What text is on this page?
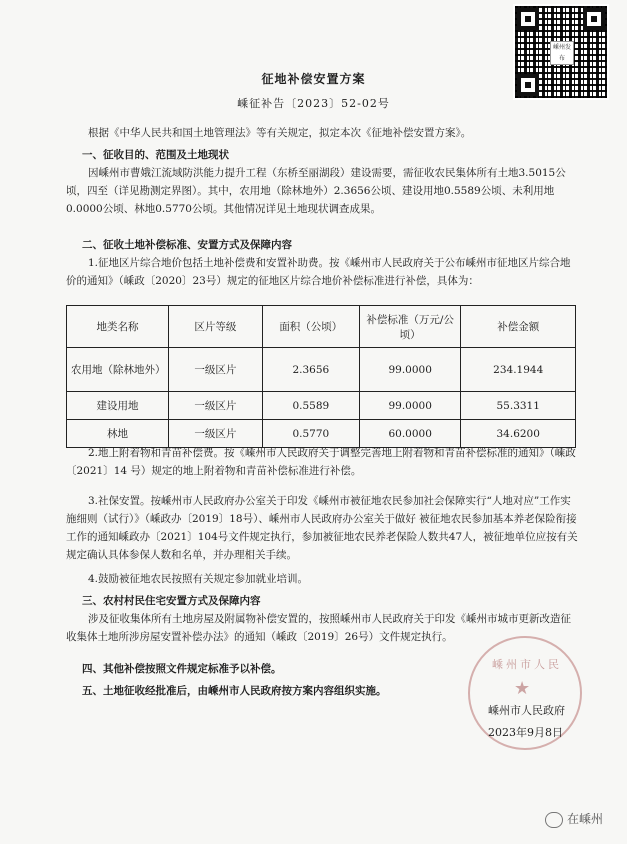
嵊州发布
征地补偿安置方案
嵊征补告〔2023〕52-02号
根据《中华人民共和国土地管理法》等有关规定，拟定本次《征地补偿安置方案》。
一、征收目的、范围及土地现状
因嵊州市曹娥江流域防洪能力提升工程（东桥至丽湖段）建设需要，需征收农民集体所有土地3.5015公顷，四至（详见勘测定界图）。其中，农用地（除林地外）2.3656公顷、建设用地0.5589公顷、未利用地0.0000公顷、林地0.5770公顷。其他情况详见土地现状调查成果。
二、征收土地补偿标准、安置方式及保障内容
1.征地区片综合地价包括土地补偿费和安置补助费。按《嵊州市人民政府关于公布嵊州市征地区片综合地价的通知》（嵊政〔2020〕23号）规定的征地区片综合地价补偿标准进行补偿，具体为：
地类名称	区片等级	面积（公顷）	补偿标准（万元/公顷）	补偿金额
农用地（除林地外）	一级区片	2.3656	99.0000	234.1944
建设用地	一级区片	0.5589	99.0000	55.3311
林地	一级区片	0.5770	60.0000	34.6200
2.地上附着物和青苗补偿费。按《嵊州市人民政府关于调整完善地上附着物和青苗补偿标准的通知》（嵊政〔2021〕14 号）规定的地上附着物和青苗补偿标准进行补偿。
3.社保安置。按嵊州市人民政府办公室关于印发《嵊州市被征地农民参加社会保障实行“人地对应”工作实施细则（试行）》（嵊政办〔2019〕18号）、嵊州市人民政府办公室关于做好 被征地农民参加基本养老保险衔接工作的通知嵊政办〔2021〕104号文件规定执行，参加被征地农民养老保险人数共47人，被征地单位应按有关规定确认具体参保人数和名单，并办理相关手续。
4.鼓励被征地农民按照有关规定参加就业培训。
三、农村村民住宅安置方式及保障内容
涉及征收集体所有土地房屋及附属物补偿安置的，按照嵊州市人民政府关于印发《嵊州市城市更新改造征收集体土地所涉房屋安置补偿办法》的通知（嵊政〔2019〕26号）文件规定执行。
四、其他补偿按照文件规定标准予以补偿。
五、土地征收经批准后，由嵊州市人民政府按方案内容组织实施。
嵊州市人民
★
嵊州市人民政府
2023年9月8日
在嵊州
